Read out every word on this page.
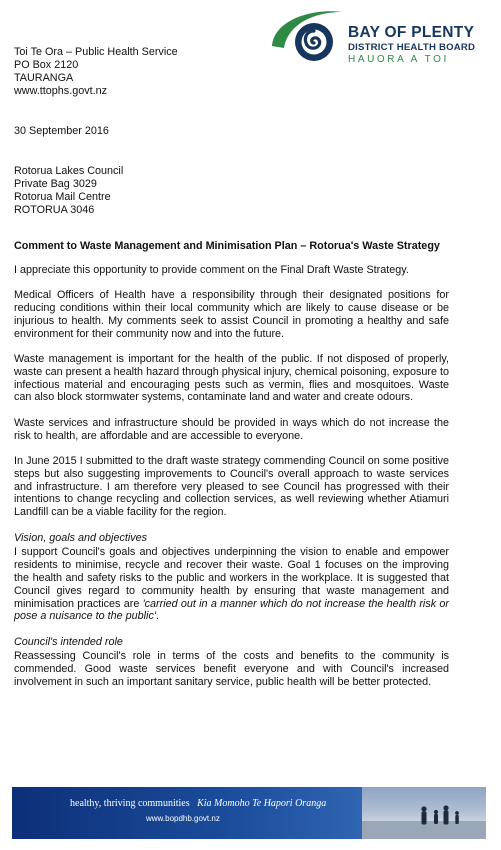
BAY OF PLENTY
DISTRICT HEALTH BOARD
HAUORA A TOI
Toi Te Ora – Public Health Service
PO Box 2120
TAURANGA
www.ttophs.govt.nz
30 September 2016
Rotorua Lakes Council
Private Bag 3029
Rotorua Mail Centre
ROTORUA 3046

Comment to Waste Management and Minimisation Plan – Rotorua's Waste Strategy

I appreciate this opportunity to provide comment on the Final Draft Waste Strategy.

Medical Officers of Health have a responsibility through their designated positions for reducing conditions within their local community which are likely to cause disease or be injurious to health. My comments seek to assist Council in promoting a healthy and safe environment for their community now and into the future.

Waste management is important for the health of the public. If not disposed of properly, waste can present a health hazard through physical injury, chemical poisoning, exposure to infectious material and encouraging pests such as vermin, flies and mosquitoes. Waste can also block stormwater systems, contaminate land and water and create odours.

Waste services and infrastructure should be provided in ways which do not increase the risk to health, are affordable and are accessible to everyone.

In June 2015 I submitted to the draft waste strategy commending Council on some positive steps but also suggesting improvements to Council's overall approach to waste services and infrastructure. I am therefore very pleased to see Council has progressed with their intentions to change recycling and collection services, as well reviewing whether Atiamuri Landfill can be a viable facility for the region.

Vision, goals and objectives

I support Council's goals and objectives underpinning the vision to enable and empower residents to minimise, recycle and recover their waste. Goal 1 focuses on the improving the health and safety risks to the public and workers in the workplace. It is suggested that Council gives regard to community health by ensuring that waste management and minimisation practices are 'carried out in a manner which do not increase the health risk or pose a nuisance to the public'.

Council's intended role

Reassessing Council's role in terms of the costs and benefits to the community is commended. Good waste services benefit everyone and with Council's increased involvement in such an important sanitary service, public health will be better protected.

healthy, thriving communities Kia Momoho Te Hapori Oranga
www.bopdhb.govt.nz
